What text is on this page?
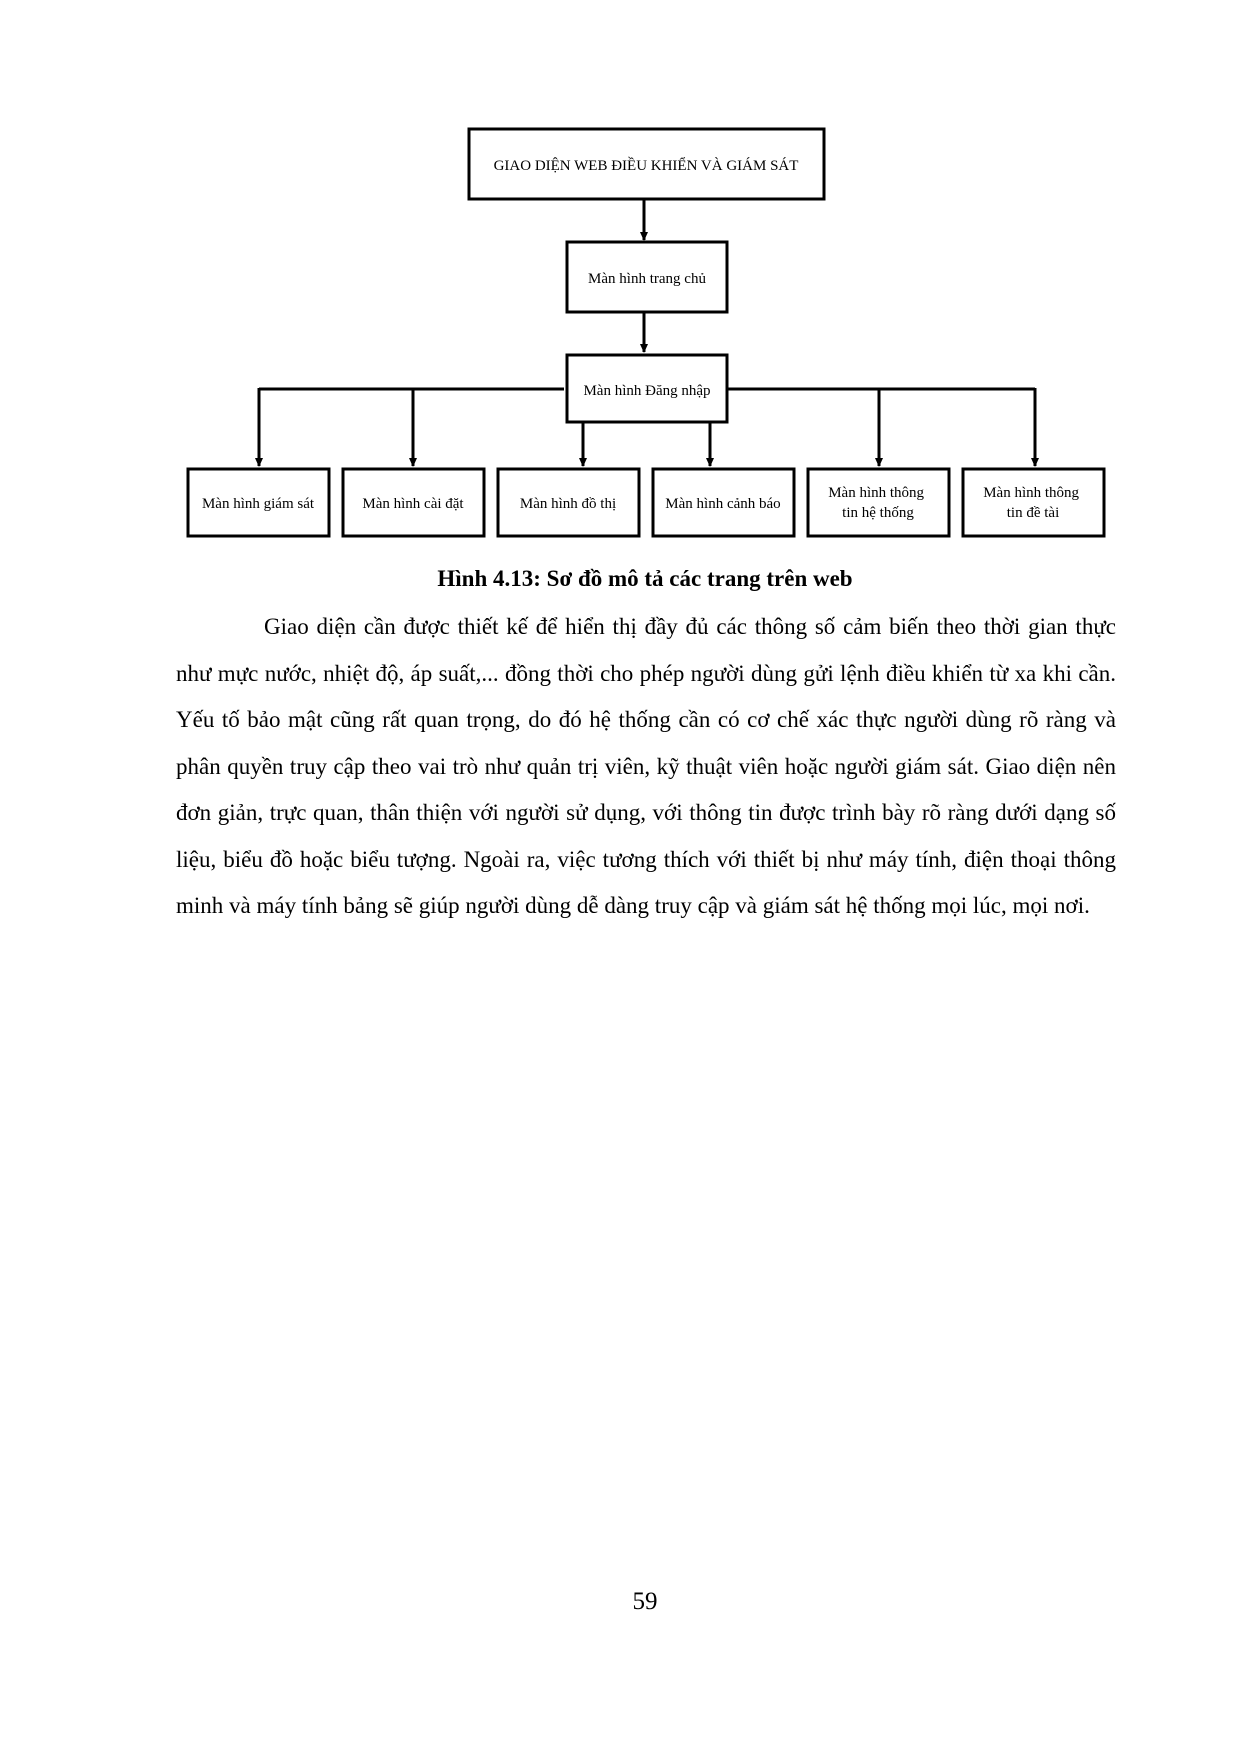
GIAO DIỆN WEB ĐIỀU KHIỂN VÀ GIÁM SÁT
Màn hình trang chủ
Màn hình Đăng nhập
Màn hình giám sát	Màn hình cài đặt	Màn hình đồ thị	Màn hình cảnh báo
Màn hình thông tin hệ thống
Màn hình thông tin đề tài

Hình 4.13: Sơ đồ mô tả các trang trên web

Giao diện cần được thiết kế để hiển thị đầy đủ các thông số cảm biến theo thời gian thực như mực nước, nhiệt độ, áp suất,... đồng thời cho phép người dùng gửi lệnh điều khiển từ xa khi cần. Yếu tố bảo mật cũng rất quan trọng, do đó hệ thống cần có cơ chế xác thực người dùng rõ ràng và phân quyền truy cập theo vai trò như quản trị viên, kỹ thuật viên hoặc người giám sát. Giao diện nên đơn giản, trực quan, thân thiện với người sử dụng, với thông tin được trình bày rõ ràng dưới dạng số liệu, biểu đồ hoặc biểu tượng. Ngoài ra, việc tương thích với thiết bị như máy tính, điện thoại thông minh và máy tính bảng sẽ giúp người dùng dễ dàng truy cập và giám sát hệ thống mọi lúc, mọi nơi.

59
